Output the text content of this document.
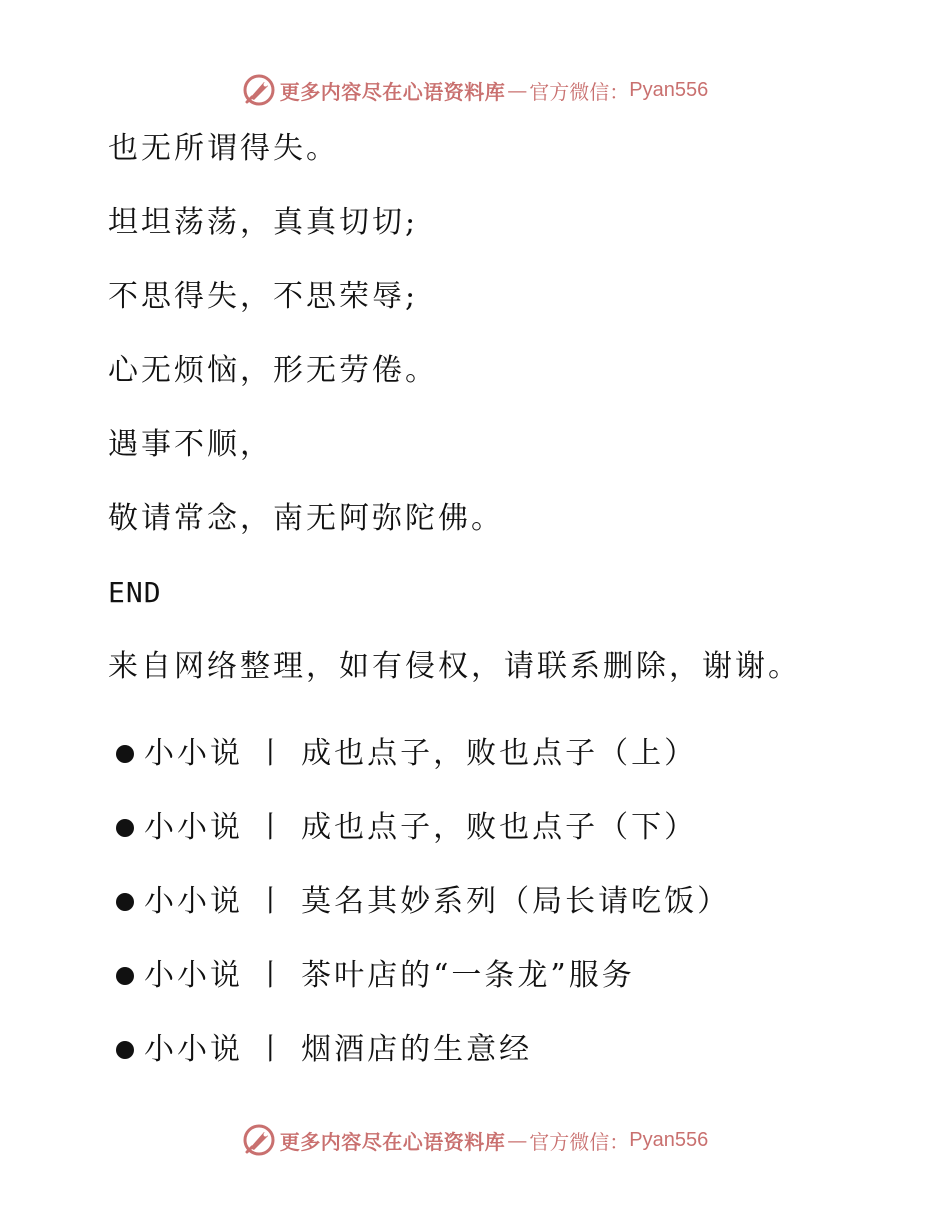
更多内容尽在心语资料库 — 官方微信： Pyan556
也无所谓得失。
坦坦荡荡，真真切切;
不思得失，不思荣辱;
心无烦恼，形无劳倦。
遇事不顺，
敬请常念，南无阿弥陀佛。
END
来自网络整理，如有侵权，请联系删除，谢谢。
小小说 丨 成也点子，败也点子（上）
小小说 丨 成也点子，败也点子（下）
小小说 丨 莫名其妙系列（局长请吃饭）
小小说 丨 茶叶店的“一条龙”服务
小小说 丨 烟酒店的生意经
更多内容尽在心语资料库 — 官方微信： Pyan556
